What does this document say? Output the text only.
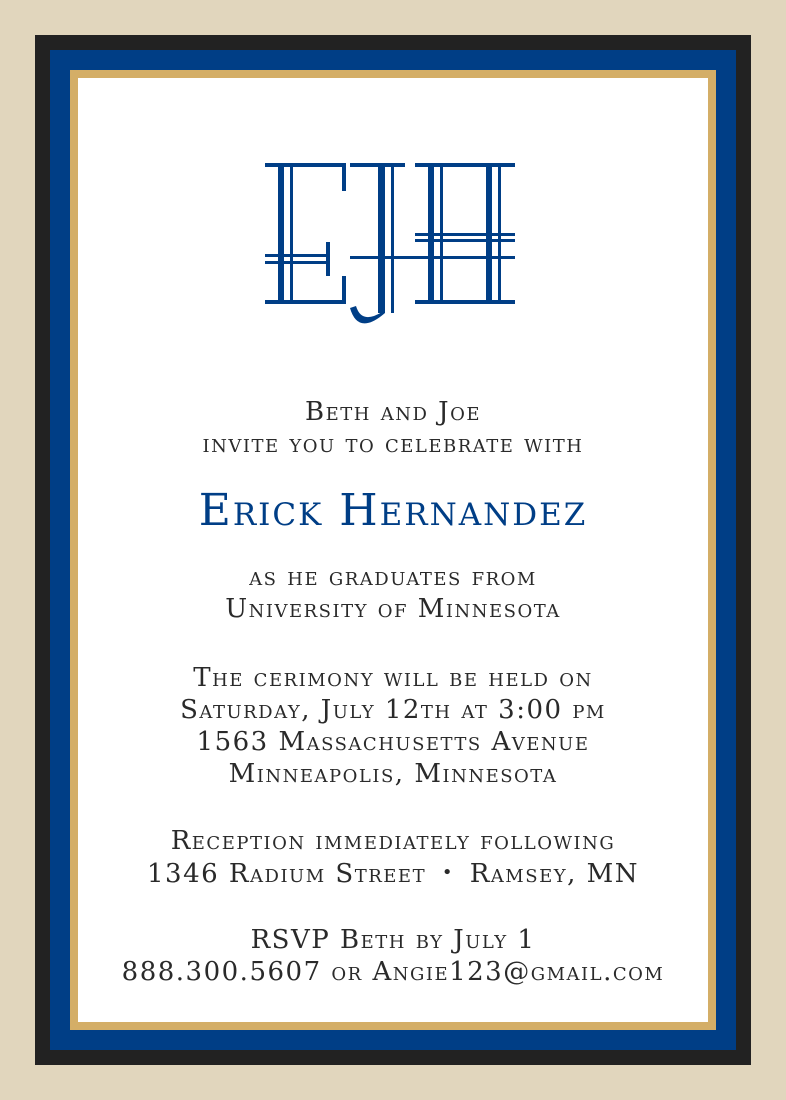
EJH
Beth and Joe
invite you to celebrate with
Erick Hernandez
as he graduates from
University of Minnesota
The cerimony will be held on
Saturday, July 12th at 3:00 pm
1563 Massachusetts Avenue
Minneapolis, Minnesota
Reception immediately following
1346 Radium Street • Ramsey, MN
RSVP Beth by July 1
888.300.5607 or Angie123@gmail.com
